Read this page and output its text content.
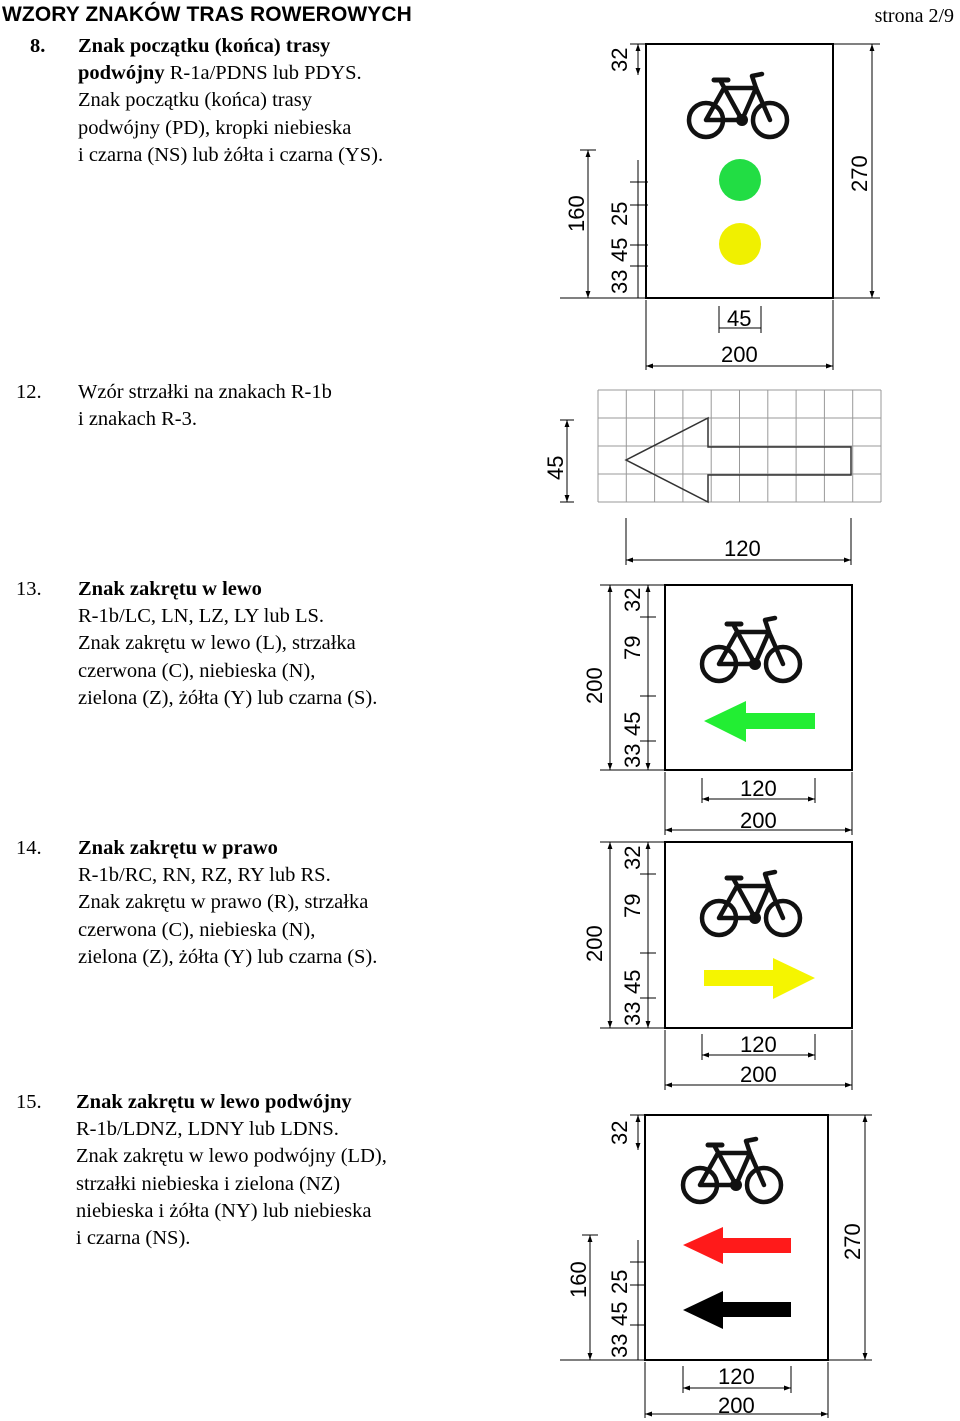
WZORY ZNAKÓW TRAS ROWEROWYCH	strona 2/9
8. Znak początku (końca) trasy
podwójny R-1a/PDNS lub PDYS.
Znak początku (końca) trasy
podwójny (PD), kropki niebieska
i czarna (NS) lub żółta i czarna (YS).
12. Wzór strzałki na znakach R-1b
i znakach R-3.
13. Znak zakrętu w lewo
R-1b/LC, LN, LZ, LY lub LS.
Znak zakrętu w lewo (L), strzałka
czerwona (C), niebieska (N),
zielona (Z), żółta (Y) lub czarna (S).
14. Znak zakrętu w prawo
R-1b/RC, RN, RZ, RY lub RS.
Znak zakrętu w prawo (R), strzałka
czerwona (C), niebieska (N),
zielona (Z), żółta (Y) lub czarna (S).
15. Znak zakrętu w lewo podwójny
R-1b/LDNZ, LDNY lub LDNS.
Znak zakrętu w lewo podwójny (LD),
strzałki niebieska i zielona (NZ)
niebieska i żółta (NY) lub niebieska
i czarna (NS).
32
270
160 25
45
33
45
200
45
120
32
79
200
45
33
120
200
32
79
200
45
33
120
200
32
270
160 25
45
33
120
200
